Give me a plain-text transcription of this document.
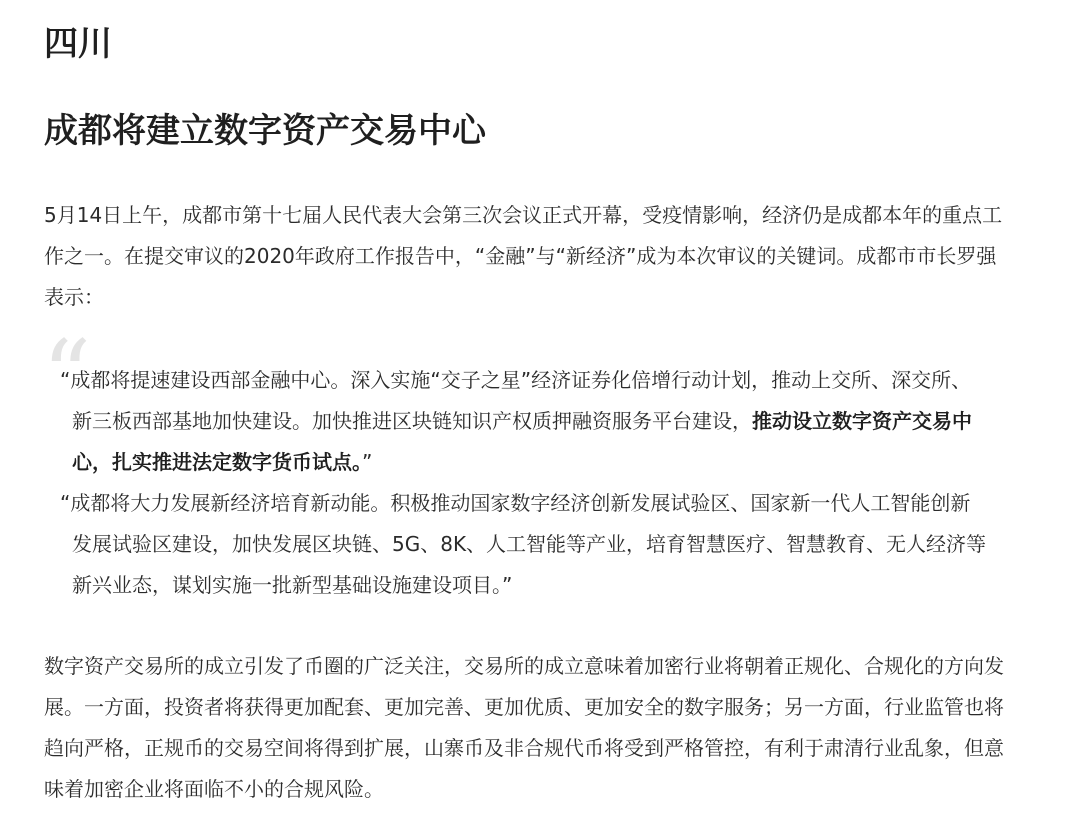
四川
成都将建立数字资产交易中心

5月14日上午，成都市第十七届人民代表大会第三次会议正式开幕，受疫情影响，经济仍是成都本年的重点工作之一。在提交审议的2020年政府工作报告中，“金融”与“新经济”成为本次审议的关键词。成都市市长罗强表示：

“

“成都将提速建设西部金融中心。深入实施“交子之星”经济证券化倍增行动计划，推动上交所、深交所、新三板西部基地加快建设。加快推进区块链知识产权质押融资服务平台建设，推动设立数字资产交易中心，扎实推进法定数字货币试点。”

“成都将大力发展新经济培育新动能。积极推动国家数字经济创新发展试验区、国家新一代人工智能创新发展试验区建设，加快发展区块链、5G、8K、人工智能等产业，培育智慧医疗、智慧教育、无人经济等新兴业态，谋划实施一批新型基础设施建设项目。”

数字资产交易所的成立引发了币圈的广泛关注，交易所的成立意味着加密行业将朝着正规化、合规化的方向发展。一方面，投资者将获得更加配套、更加完善、更加优质、更加安全的数字服务；另一方面，行业监管也将趋向严格，正规币的交易空间将得到扩展，山寨币及非合规代币将受到严格管控，有利于肃清行业乱象，但意味着加密企业将面临不小的合规风险。
